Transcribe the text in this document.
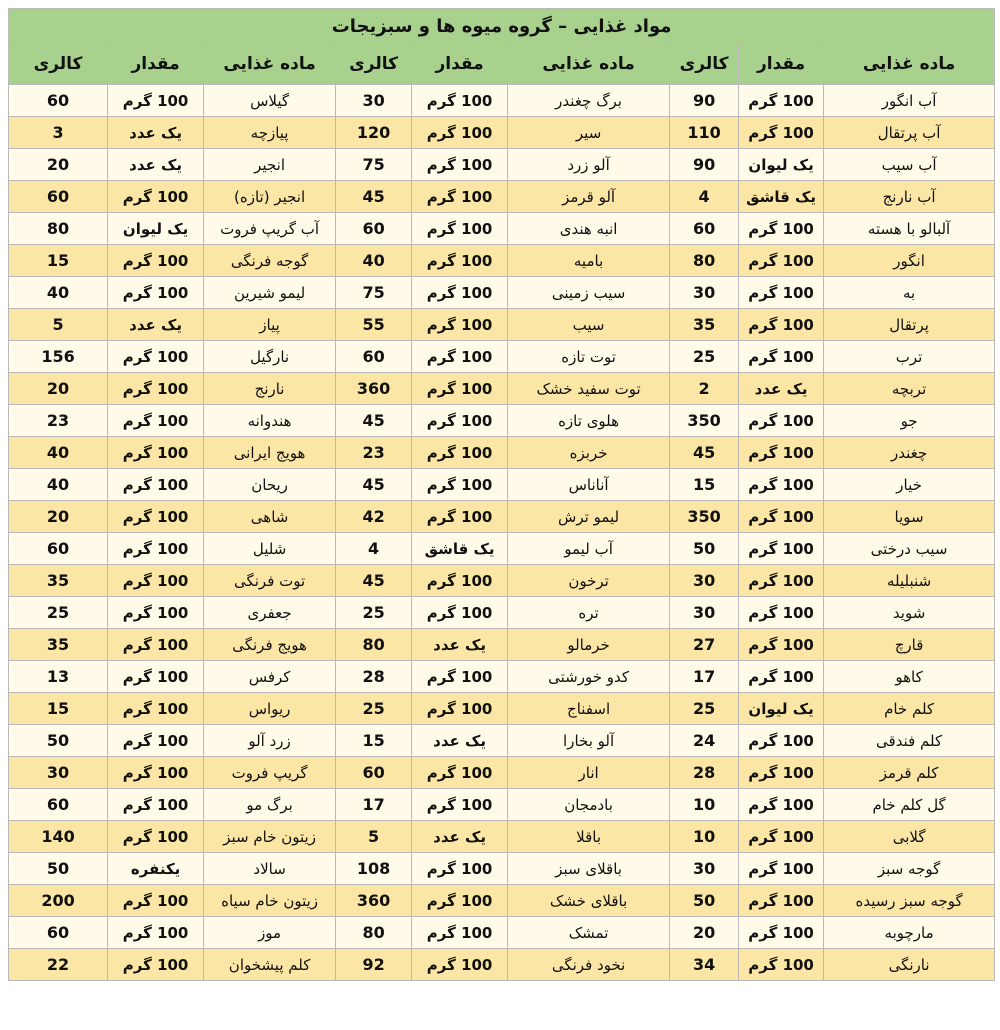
مواد غذایی – گروه میوه ها و سبزیجات								
ماده غذایی	مقدار	کالری	ماده غذایی	مقدار	کالری	ماده غذایی	مقدار	کالری
آب انگور	100 گرم	90	برگ چغندر	100 گرم	30	گیلاس	100 گرم	60
آب پرتقال	100 گرم	110	سیر	100 گرم	120	پیازچه	یک عدد	3
آب سیب	یک لیوان	90	آلو زرد	100 گرم	75	انجیر	یک عدد	20
آب نارنج	یک قاشق	4	آلو قرمز	100 گرم	45	انجیر (تازه)	100 گرم	60
آلبالو با هسته	100 گرم	60	انبه هندی	100 گرم	60	آب گریپ فروت	یک لیوان	80
انگور	100 گرم	80	بامیه	100 گرم	40	گوجه فرنگی	100 گرم	15
به	100 گرم	30	سیب زمینی	100 گرم	75	لیمو شیرین	100 گرم	40
پرتقال	100 گرم	35	سیب	100 گرم	55	پیاز	یک عدد	5
ترب	100 گرم	25	توت تازه	100 گرم	60	نارگیل	100 گرم	156
تربچه	یک عدد	2	توت سفید خشک	100 گرم	360	نارنج	100 گرم	20
جو	100 گرم	350	هلوی تازه	100 گرم	45	هندوانه	100 گرم	23
چغندر	100 گرم	45	خربزه	100 گرم	23	هویج ایرانی	100 گرم	40
خیار	100 گرم	15	آناناس	100 گرم	45	ریحان	100 گرم	40
سویا	100 گرم	350	لیمو ترش	100 گرم	42	شاهی	100 گرم	20
سیب درختی	100 گرم	50	آب لیمو	یک قاشق	4	شلیل	100 گرم	60
شنبلیله	100 گرم	30	ترخون	100 گرم	45	توت فرنگی	100 گرم	35
شوید	100 گرم	30	تره	100 گرم	25	جعفری	100 گرم	25
قارچ	100 گرم	27	خرمالو	یک عدد	80	هویج فرنگی	100 گرم	35
کاهو	100 گرم	17	کدو خورشتی	100 گرم	28	کرفس	100 گرم	13
کلم خام	یک لیوان	25	اسفناج	100 گرم	25	ریواس	100 گرم	15
کلم فندقی	100 گرم	24	آلو بخارا	یک عدد	15	زرد آلو	100 گرم	50
کلم قرمز	100 گرم	28	انار	100 گرم	60	گریپ فروت	100 گرم	30
گل کلم خام	100 گرم	10	بادمجان	100 گرم	17	برگ مو	100 گرم	60
گلابی	100 گرم	10	باقلا	یک عدد	5	زیتون خام سبز	100 گرم	140
گوجه سبز	100 گرم	30	باقلای سبز	100 گرم	108	سالاد	یکنفره	50
گوجه سبز رسیده	100 گرم	50	باقلای خشک	100 گرم	360	زیتون خام سیاه	100 گرم	200
مارچوبه	100 گرم	20	تمشک	100 گرم	80	موز	100 گرم	60
نارنگی	100 گرم	34	نخود فرنگی	100 گرم	92	کلم پیشخوان	100 گرم	22
